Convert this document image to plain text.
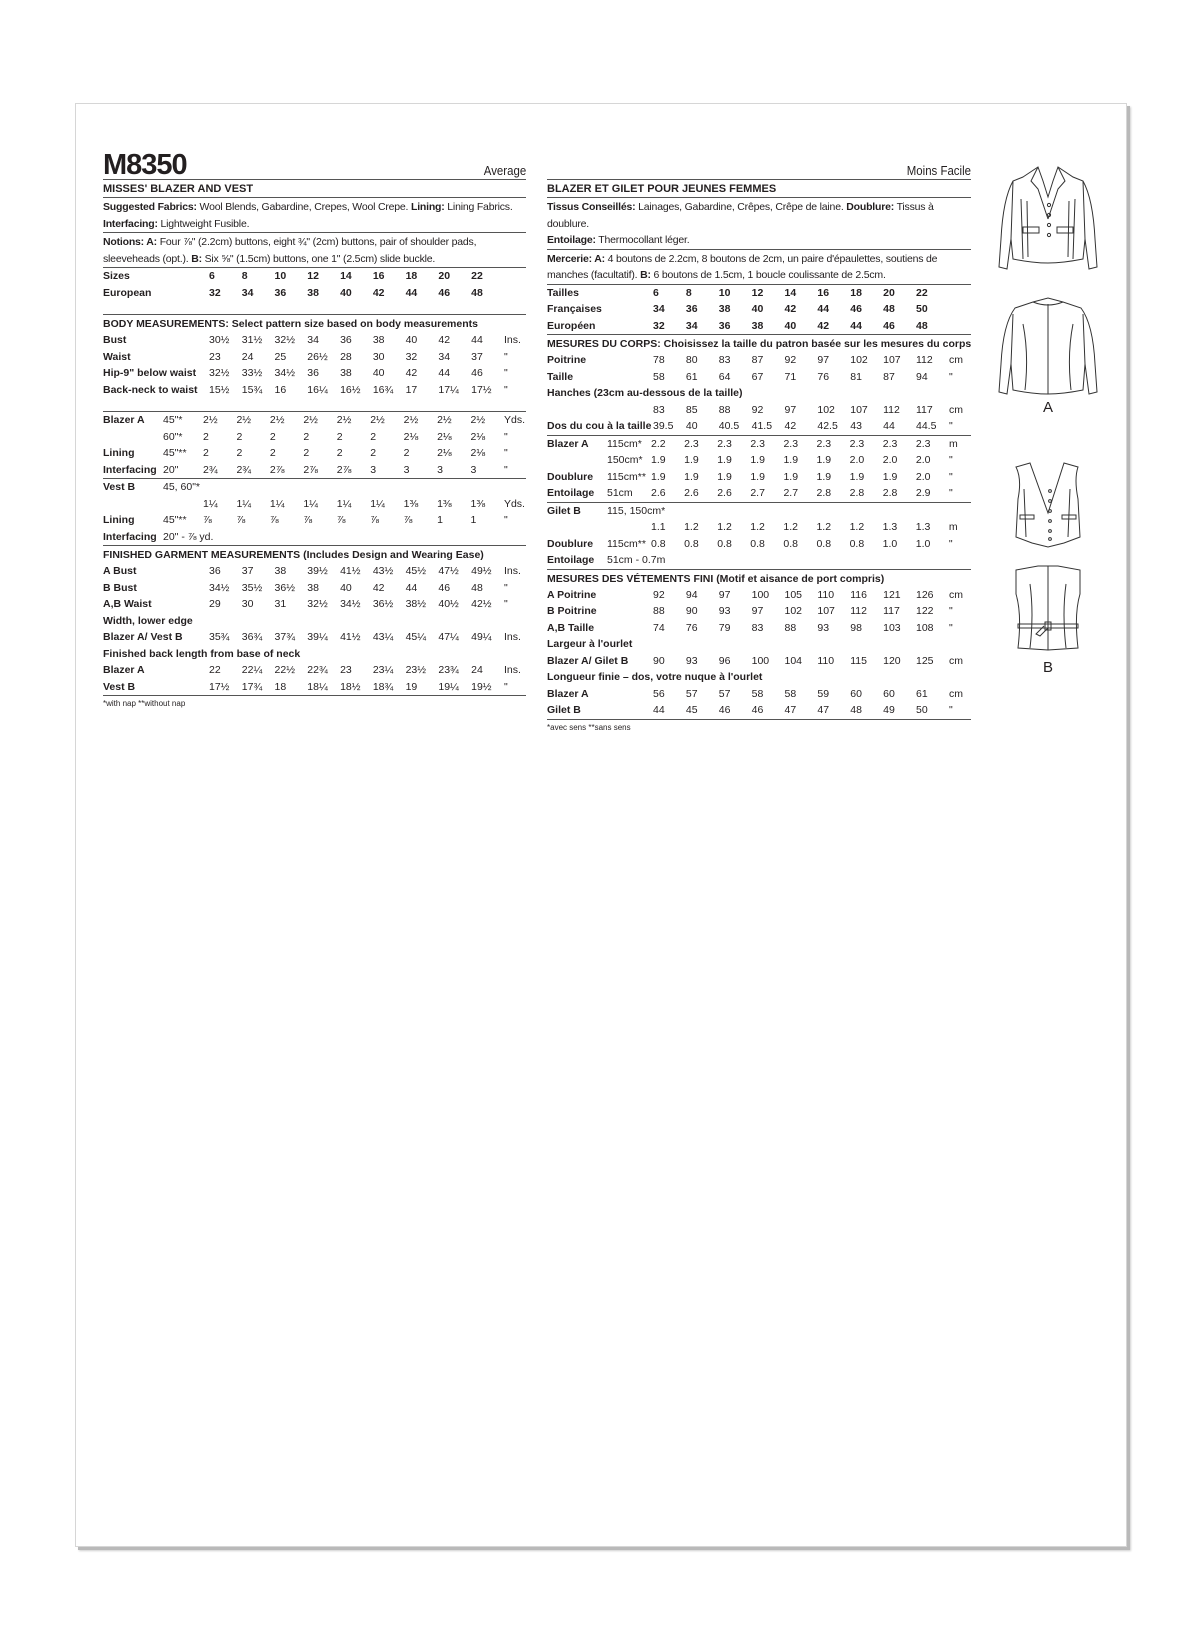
M8350	Average
MISSES' BLAZER AND VEST
Suggested Fabrics: Wool Blends, Gabardine, Crepes, Wool Crepe. Lining: Lining Fabrics.
Interfacing: Lightweight Fusible.
Notions: A: Four ⅞" (2.2cm) buttons, eight ¾" (2cm) buttons, pair of shoulder pads, sleeveheads (opt.). B: Six ⅝" (1.5cm) buttons, one 1" (2.5cm) slide buckle.
Sizes		6	8	10	12	14	16	18	20	22	
European		32	34	36	38	40	42	44	46	48	
BODY MEASUREMENTS: Select pattern size based on body measurements
Bust		30½	31½	32½	34	36	38	40	42	44	Ins.
Waist		23	24	25	26½	28	30	32	34	37	"
Hip-9" below waist		32½	33½	34½	36	38	40	42	44	46	"
Back-neck to waist		15½	15¾	16	16¼	16½	16¾	17	17¼	17½	"
Blazer A	45"*	2½	2½	2½	2½	2½	2½	2½	2½	2½	Yds.
	60"*	2	2	2	2	2	2	2⅛	2⅛	2⅛	"
Lining	45"**	2	2	2	2	2	2	2	2⅛	2⅛	"
Interfacing	20"	2¾	2¾	2⅞	2⅞	2⅞	3	3	3	3	"
Vest B	45, 60"*										
		1¼	1¼	1¼	1¼	1¼	1¼	1⅜	1⅜	1⅜	Yds.
Lining	45"**	⅞	⅞	⅞	⅞	⅞	⅞	⅞	1	1	"
Interfacing	20" - ⅞ yd.										
FINISHED GARMENT MEASUREMENTS (Includes Design and Wearing Ease)
A Bust		36	37	38	39½	41½	43½	45½	47½	49½	Ins.
B Bust		34½	35½	36½	38	40	42	44	46	48	"
A,B Waist		29	30	31	32½	34½	36½	38½	40½	42½	"
Width, lower edge										
Blazer A/ Vest B		35¾	36¾	37¾	39¼	41½	43¼	45¼	47¼	49¼	Ins.
Finished back length from base of neck										
Blazer A		22	22¼	22½	22¾	23	23¼	23½	23¾	24	Ins.
Vest B		17½	17¾	18	18¼	18½	18¾	19	19¼	19½	"
*with nap **without nap
Moins Facile
BLAZER ET GILET POUR JEUNES FEMMES
Tissus Conseillés: Lainages, Gabardine, Crêpes, Crêpe de laine. Doublure: Tissus à doublure.
Entoilage: Thermocollant léger.
Mercerie: A: 4 boutons de 2.2cm, 8 boutons de 2cm, un paire d'épaulettes, soutiens de manches (facultatif). B: 6 boutons de 1.5cm, 1 boucle coulissante de 2.5cm.
Tailles		6	8	10	12	14	16	18	20	22	
Françaises		34	36	38	40	42	44	46	48	50	
Européen		32	34	36	38	40	42	44	46	48	
MESURES DU CORPS: Choisissez la taille du patron basée sur les mesures du corps
Poitrine		78	80	83	87	92	97	102	107	112	cm
Taille		58	61	64	67	71	76	81	87	94	"
Hanches (23cm au-dessous de la taille)										
		83	85	88	92	97	102	107	112	117	cm
Dos du cou à la taille		39.5	40	40.5	41.5	42	42.5	43	44	44.5	"
Blazer A	115cm*	2.2	2.3	2.3	2.3	2.3	2.3	2.3	2.3	2.3	m
	150cm*	1.9	1.9	1.9	1.9	1.9	1.9	2.0	2.0	2.0	"
Doublure	115cm**	1.9	1.9	1.9	1.9	1.9	1.9	1.9	1.9	2.0	"
Entoilage	51cm	2.6	2.6	2.6	2.7	2.7	2.8	2.8	2.8	2.9	"
Gilet B	115, 150cm*										
		1.1	1.2	1.2	1.2	1.2	1.2	1.2	1.3	1.3	m
Doublure	115cm**	0.8	0.8	0.8	0.8	0.8	0.8	0.8	1.0	1.0	"
Entoilage	51cm - 0.7m										
MESURES DES VÉTEMENTS FINI (Motif et aisance de port compris)
A Poitrine		92	94	97	100	105	110	116	121	126	cm
B Poitrine		88	90	93	97	102	107	112	117	122	"
A,B Taille		74	76	79	83	88	93	98	103	108	"
Largeur à l'ourlet										
Blazer A/ Gilet B		90	93	96	100	104	110	115	120	125	cm
Longueur finie – dos, votre nuque à l'ourlet										
Blazer A		56	57	57	58	58	59	60	60	61	cm
Gilet B		44	45	46	46	47	47	48	49	50	"
*avec sens **sans sens
A
B
